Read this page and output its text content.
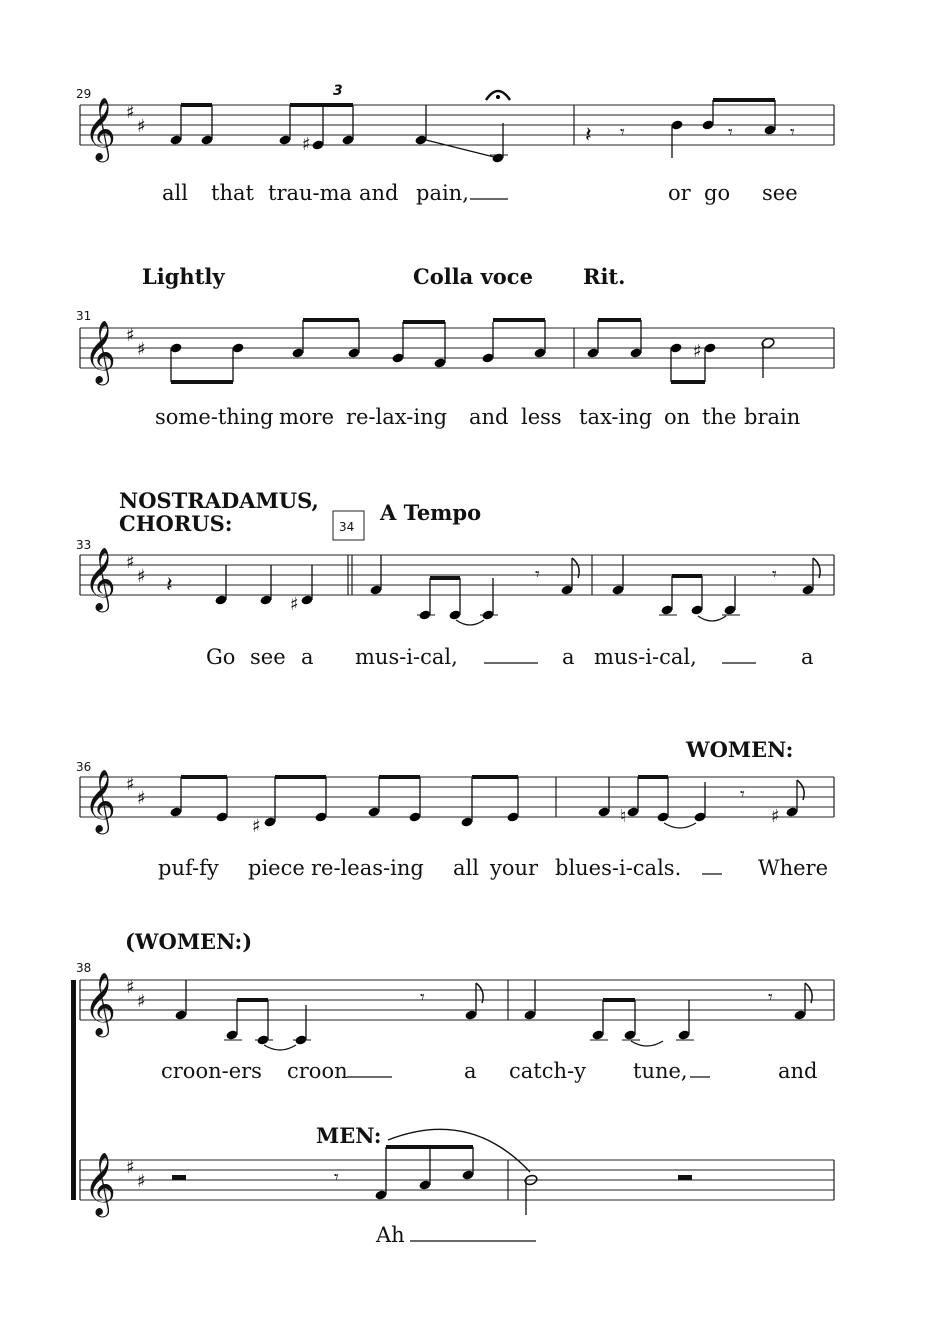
29
𝄞 ♯
♯
♯
3
𝄽 𝄾	𝄾	𝄾
all that trau-ma and pain,	or go see
Lightly	Colla voce Rit.
31
𝄞 ♯
♯	♯
some-thing more re-lax-ing and less tax-ing on the brain
NOSTRADAMUS,
CHORUS:	34
A Tempo
33
𝄞 ♯
♯ 𝄽
♯
𝄾	𝄾
Go see a mus-i-cal,	a mus-i-cal,	a
WOMEN:
36
𝄞 ♯
♯
♯	♮
𝄾
♯
puf-fy piece re-leas-ing all your blues-i-cals.	Where
(WOMEN:)
38
𝄞 ♯
♯	𝄾	𝄾
croon-ers croon	a catch-y tune,	and
MEN:
𝄞 ♯
♯	𝄾
Ah
